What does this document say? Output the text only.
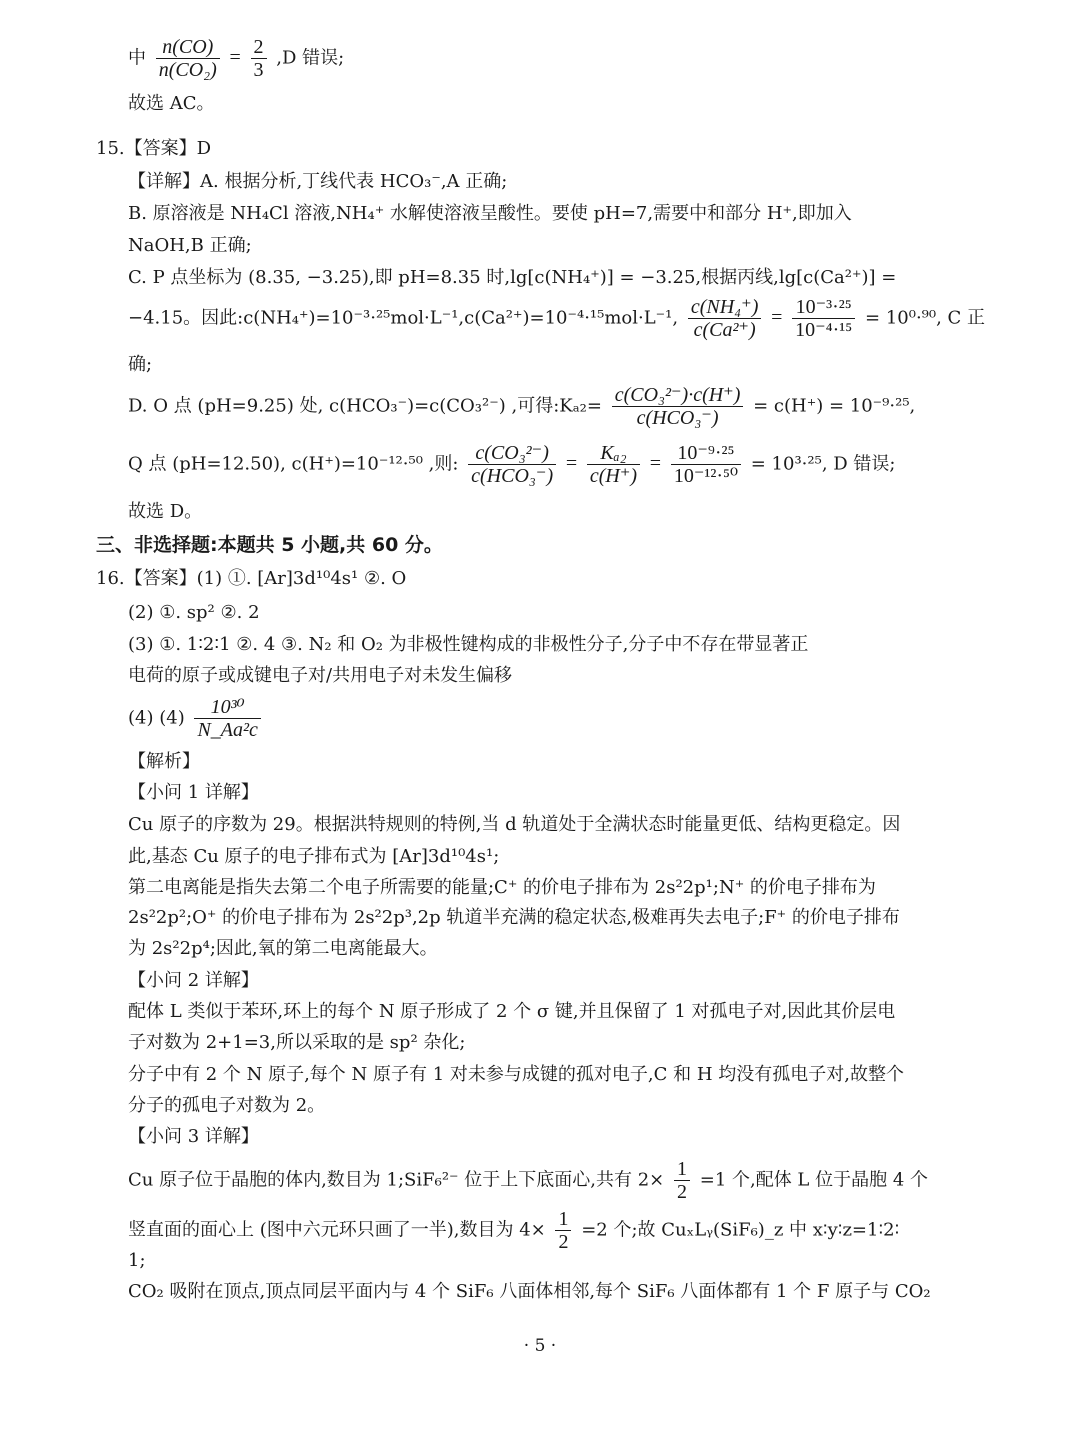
中 $\frac{n(CO)}{\text{n(CO₂)}} = \frac{2}{3} ,D$ 错误;
故选 AC。
15.【答案】D
【详解】A. 根据分析,丁线代表 HCO₃⁻,A 正确;
B. 原溶液是 NH₄Cl 溶液,NH₄⁺ 水解使溶液呈酸性。要使 pH=7,需要中和部分 H⁺,即加入
NaOH,B 正确;
C. P 点坐标为 (8.35, −3.25),即 pH=8.35 时,lg[c(NH₄⁺)] = −3.25,根据丙线,lg[c(Ca²⁺)] =
−4.15。因此:c(NH₄⁺)=10⁻³·²⁵mol·L⁻¹,c(Ca²⁺)=10⁻⁴·¹⁵mol·L⁻¹, $\frac{\text{c(NH₄⁺)}}{\text{c(Ca²⁺)}} = \frac{\text{10⁻³·²⁵}}{\text{10⁻⁴·¹⁵}} = 10^0\cdot^{90}$, C 正
确;
D. O 点 (pH=9.25) 处, c(HCO₃⁻)=c(CO₃²⁻) ,可得:Kₐ₂= $\frac{\text{c(CO₃²⁻)·c(H⁺)}}{\text{c(HCO₃⁻)}} = c(H^+) = 10^{-9}\cdot^{25}$,
Q 点 (pH=12.50), c(H⁺)=10⁻¹²·⁵⁰ ,则: $\frac{\text{c(CO₃²⁻)}}{\text{c(HCO₃⁻)}} = \frac{\text{Kₐ₂}}{c(H^+)} = \frac{\text{10⁻⁹·²⁵}}{\text{10⁻¹²·⁵⁰}} = 10^3\cdot^{25}$, D 错误;
故选 D。
三、非选择题:本题共 5 小题,共 60 分。
16.【答案】(1) ①. [Ar]3d¹⁰4s¹ ②. O
(2) ①. sp² ②. 2
(3) ①. 1∶2∶1 ②. 4 ③. N₂ 和 O₂ 为非极性键构成的非极性分子,分子中不存在带显著正
电荷的原子或成键电子对/共用电子对未发生偏移
(4) $(4) \frac{\text{10³⁰}}{\text{N\_Aa²c}}$
【解析】
【小问 1 详解】
Cu 原子的序数为 29。根据洪特规则的特例,当 d 轨道处于全满状态时能量更低、结构更稳定。因
此,基态 Cu 原子的电子排布式为 [Ar]3d¹⁰4s¹;
第二电离能是指失去第二个电子所需要的能量;C⁺ 的价电子排布为 2s²2p¹;N⁺ 的价电子排布为
2s²2p²;O⁺ 的价电子排布为 2s²2p³,2p 轨道半充满的稳定状态,极难再失去电子;F⁺ 的价电子排布
为 2s²2p⁴;因此,氧的第二电离能最大。
【小问 2 详解】
配体 L 类似于苯环,环上的每个 N 原子形成了 2 个 σ 键,并且保留了 1 对孤电子对,因此其价层电
子对数为 2+1=3,所以采取的是 sp² 杂化;
分子中有 2 个 N 原子,每个 N 原子有 1 对未参与成键的孤对电子,C 和 H 均没有孤电子对,故整个
分子的孤电子对数为 2。
【小问 3 详解】
Cu 原子位于晶胞的体内,数目为 1;SiF₆²⁻ 位于上下底面心,共有 $2\times \frac{1}{2} =1$ 个,配体 L 位于晶胞 4 个
竖直面的面心上 (图中六元环只画了一半),数目为 $4\times \frac{1}{2} =2$ 个;故 CuₓLᵧ(SiF₆)_z 中 x∶y∶z=1∶2∶
1;
CO₂ 吸附在顶点,顶点同层平面内与 4 个 SiF₆ 八面体相邻,每个 SiF₆ 八面体都有 1 个 F 原子与 CO₂
· 5 ·
